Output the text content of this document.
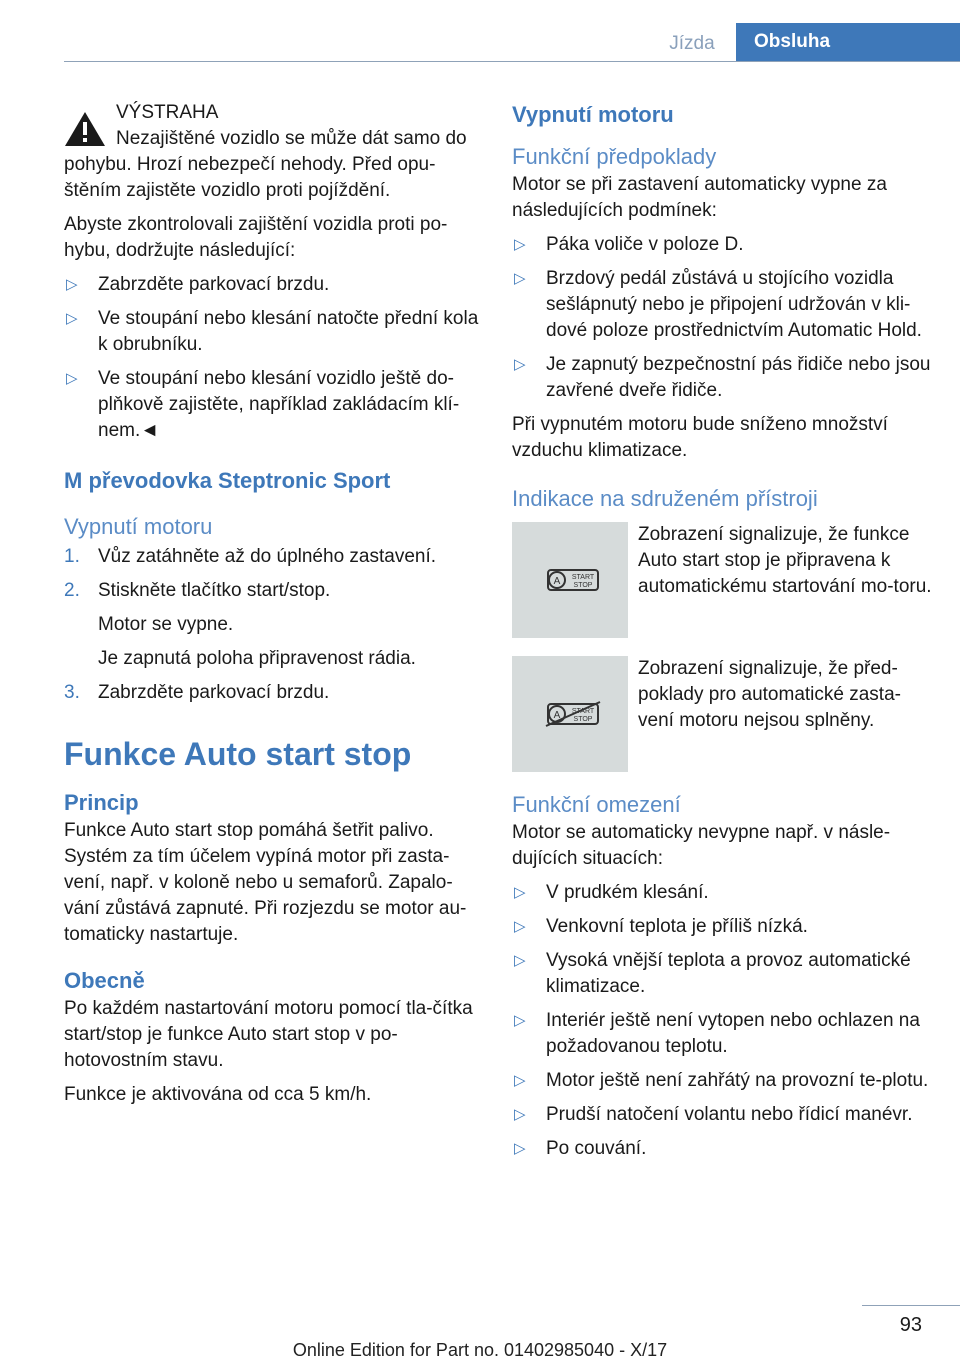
Jízda	Obsluha

VÝSTRAHA

Nezajištěné vozidlo se může dát samo do pohybu. Hrozí nebezpečí nehody. Před opu-štěním zajistěte vozidlo proti pojíždění.

Abyste zkontrolovali zajištění vozidla proti po-hybu, dodržujte následující:

▷ Zabrzděte parkovací brzdu.
▷ Ve stoupání nebo klesání natočte přední kola k obrubníku.
▷ Ve stoupání nebo klesání vozidlo ještě do-plňkově zajistěte, například zakládacím klí-nem.◄
M převodovka Steptronic Sport
Vypnutí motoru
1. Vůz zatáhněte až do úplného zastavení.
2. Stiskněte tlačítko start/stop.
Motor se vypne.
Je zapnutá poloha připravenost rádia.
3. Zabrzděte parkovací brzdu.
Funkce Auto start stop
Princip

Funkce Auto start stop pomáhá šetřit palivo. Systém za tím účelem vypíná motor při zasta-vení, např. v koloně nebo u semaforů. Zapalo-vání zůstává zapnuté. Při rozjezdu se motor au-tomaticky nastartuje.

Obecně

Po každém nastartování motoru pomocí tla-čítka start/stop je funkce Auto start stop v po-hotovostním stavu.

Funkce je aktivována od cca 5 km/h.

Vypnutí motoru
Funkční předpoklady

Motor se při zastavení automaticky vypne za následujících podmínek:

▷ Páka voliče v poloze D.
▷ Brzdový pedál zůstává u stojícího vozidla sešlápnutý nebo je připojení udržován v kli-dové poloze prostřednictvím Automatic Hold.
▷ Je zapnutý bezpečnostní pás řidiče nebo jsou zavřené dveře řidiče.

Při vypnutém motoru bude sníženo množství vzduchu klimatizace.

Indikace na sdruženém přístroji
A START
STOP
Zobrazení signalizuje, že funkce Auto start stop je připravena k automatickému startování mo-toru.
A START
STOP
Zobrazení signalizuje, že před-poklady pro automatické zasta-vení motoru nejsou splněny.
Funkční omezení

Motor se automaticky nevypne např. v násle-dujících situacích:

▷ V prudkém klesání.
▷ Venkovní teplota je příliš nízká.
▷ Vysoká vnější teplota a provoz automatické klimatizace.
▷ Interiér ještě není vytopen nebo ochlazen na požadovanou teplotu.
▷ Motor ještě není zahřátý na provozní te-plotu.
▷ Prudší natočení volantu nebo řídicí manévr.
▷ Po couvání.
93
Online Edition for Part no. 01402985040 - X/17
